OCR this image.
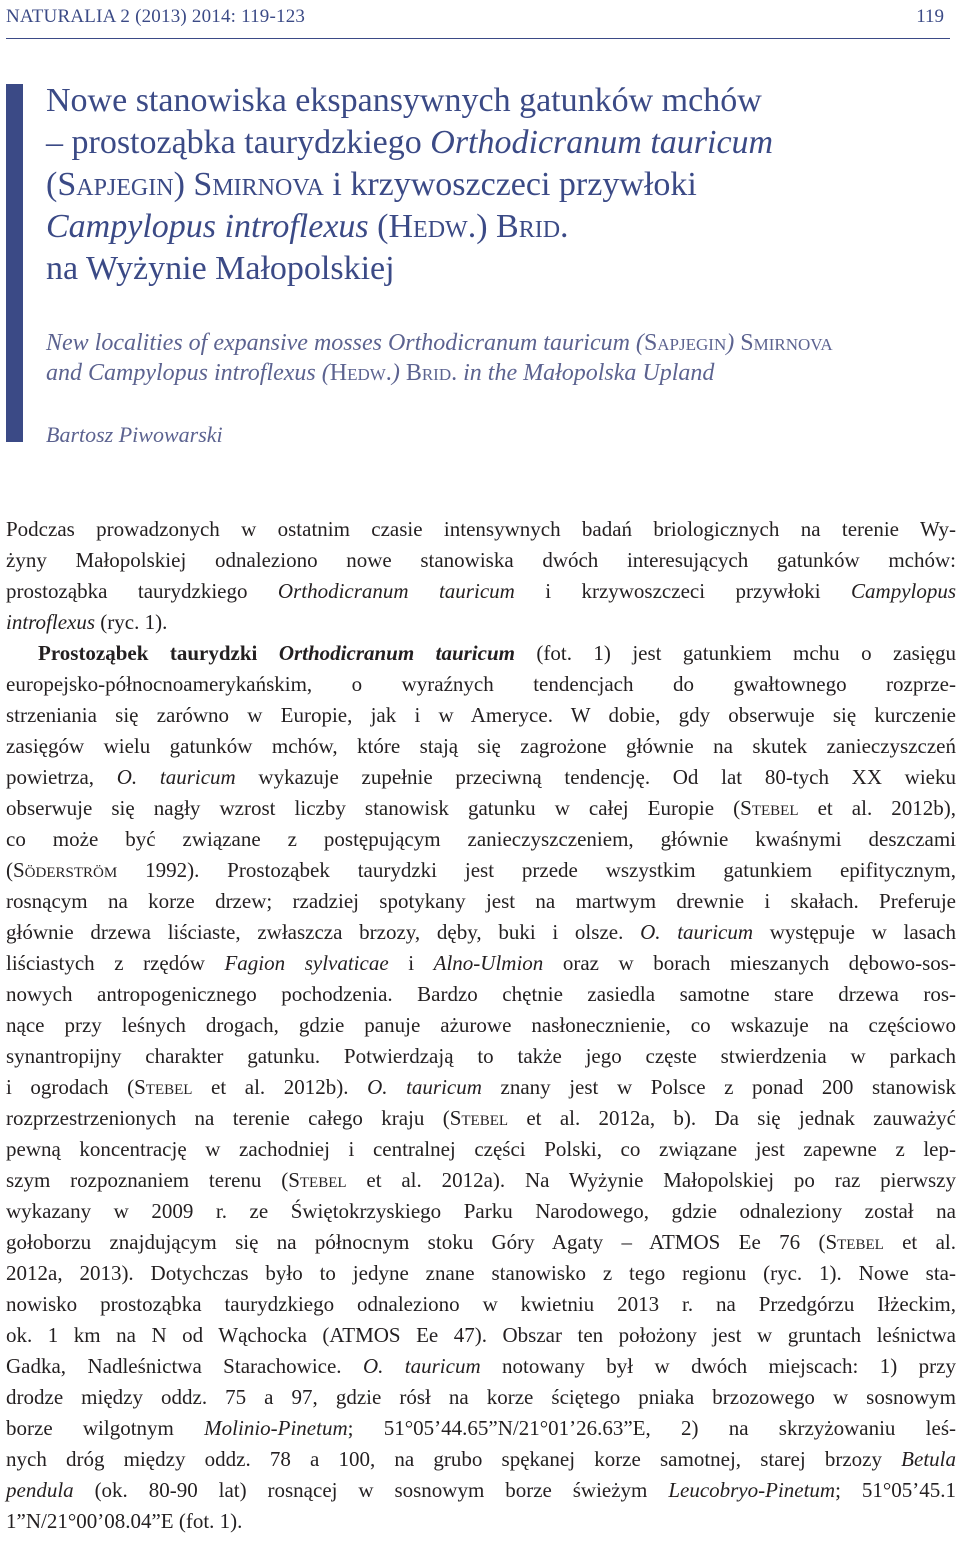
NATURALIA 2 (2013) 2014: 119-123	119
Nowe stanowiska ekspansywnych gatunków mchów
– prostoząbka taurydzkiego Orthodicranum tauricum
(Sapjegin) Smirnova i krzywoszczeci przywłoki
Campylopus introflexus (Hedw.) Brid.
na Wyżynie Małopolskiej
New localities of expansive mosses Orthodicranum tauricum (Sapjegin) Smirnova
and Campylopus introflexus (Hedw.) Brid. in the Małopolska Upland
Bartosz Piwowarski
Podczas prowadzonych w ostatnim czasie intensywnych badań briologicznych na terenie Wy-
żyny Małopolskiej odnaleziono nowe stanowiska dwóch interesujących gatunków mchów:
prostoząbka taurydzkiego Orthodicranum tauricum i krzywoszczeci przywłoki Campylopus
introflexus (ryc. 1).
Prostoząbek taurydzki Orthodicranum tauricum (fot. 1) jest gatunkiem mchu o zasięgu
europejsko-północnoamerykańskim, o wyraźnych tendencjach do gwałtownego rozprze-
strzeniania się zarówno w Europie, jak i w Ameryce. W dobie, gdy obserwuje się kurczenie
zasięgów wielu gatunków mchów, które stają się zagrożone głównie na skutek zanieczyszczeń
powietrza, O. tauricum wykazuje zupełnie przeciwną tendencję. Od lat 80-tych XX wieku
obserwuje się nagły wzrost liczby stanowisk gatunku w całej Europie (Stebel et al. 2012b),
co może być związane z postępującym zanieczyszczeniem, głównie kwaśnymi deszczami
(Söderström 1992). Prostoząbek taurydzki jest przede wszystkim gatunkiem epifitycznym,
rosnącym na korze drzew; rzadziej spotykany jest na martwym drewnie i skałach. Preferuje
głównie drzewa liściaste, zwłaszcza brzozy, dęby, buki i olsze. O. tauricum występuje w lasach
liściastych z rzędów Fagion sylvaticae i Alno-Ulmion oraz w borach mieszanych dębowo-sos-
nowych antropogenicznego pochodzenia. Bardzo chętnie zasiedla samotne stare drzewa ros-
nące przy leśnych drogach, gdzie panuje ażurowe nasłonecznienie, co wskazuje na częściowo
synantropijny charakter gatunku. Potwierdzają to także jego częste stwierdzenia w parkach
i ogrodach (Stebel et al. 2012b). O. tauricum znany jest w Polsce z ponad 200 stanowisk
rozprzestrzenionych na terenie całego kraju (Stebel et al. 2012a, b). Da się jednak zauważyć
pewną koncentrację w zachodniej i centralnej części Polski, co związane jest zapewne z lep-
szym rozpoznaniem terenu (Stebel et al. 2012a). Na Wyżynie Małopolskiej po raz pierwszy
wykazany w 2009 r. ze Świętokrzyskiego Parku Narodowego, gdzie odnaleziony został na
gołoborzu znajdującym się na północnym stoku Góry Agaty – ATMOS Ee 76 (Stebel et al.
2012a, 2013). Dotychczas było to jedyne znane stanowisko z tego regionu (ryc. 1). Nowe sta-
nowisko prostoząbka taurydzkiego odnaleziono w kwietniu 2013 r. na Przedgórzu Iłżeckim,
ok. 1 km na N od Wąchocka (ATMOS Ee 47). Obszar ten położony jest w gruntach leśnictwa
Gadka, Nadleśnictwa Starachowice. O. tauricum notowany był w dwóch miejscach: 1) przy
drodze między oddz. 75 a 97, gdzie rósł na korze ściętego pniaka brzozowego w sosnowym
borze wilgotnym Molinio-Pinetum; 51°05’44.65”N/21°01’26.63”E, 2) na skrzyżowaniu leś-
nych dróg między oddz. 78 a 100, na grubo spękanej korze samotnej, starej brzozy Betula
pendula (ok. 80-90 lat) rosnącej w sosnowym borze świeżym Leucobryo-Pinetum; 51°05’45.1
1”N/21°00’08.04”E (fot. 1).
